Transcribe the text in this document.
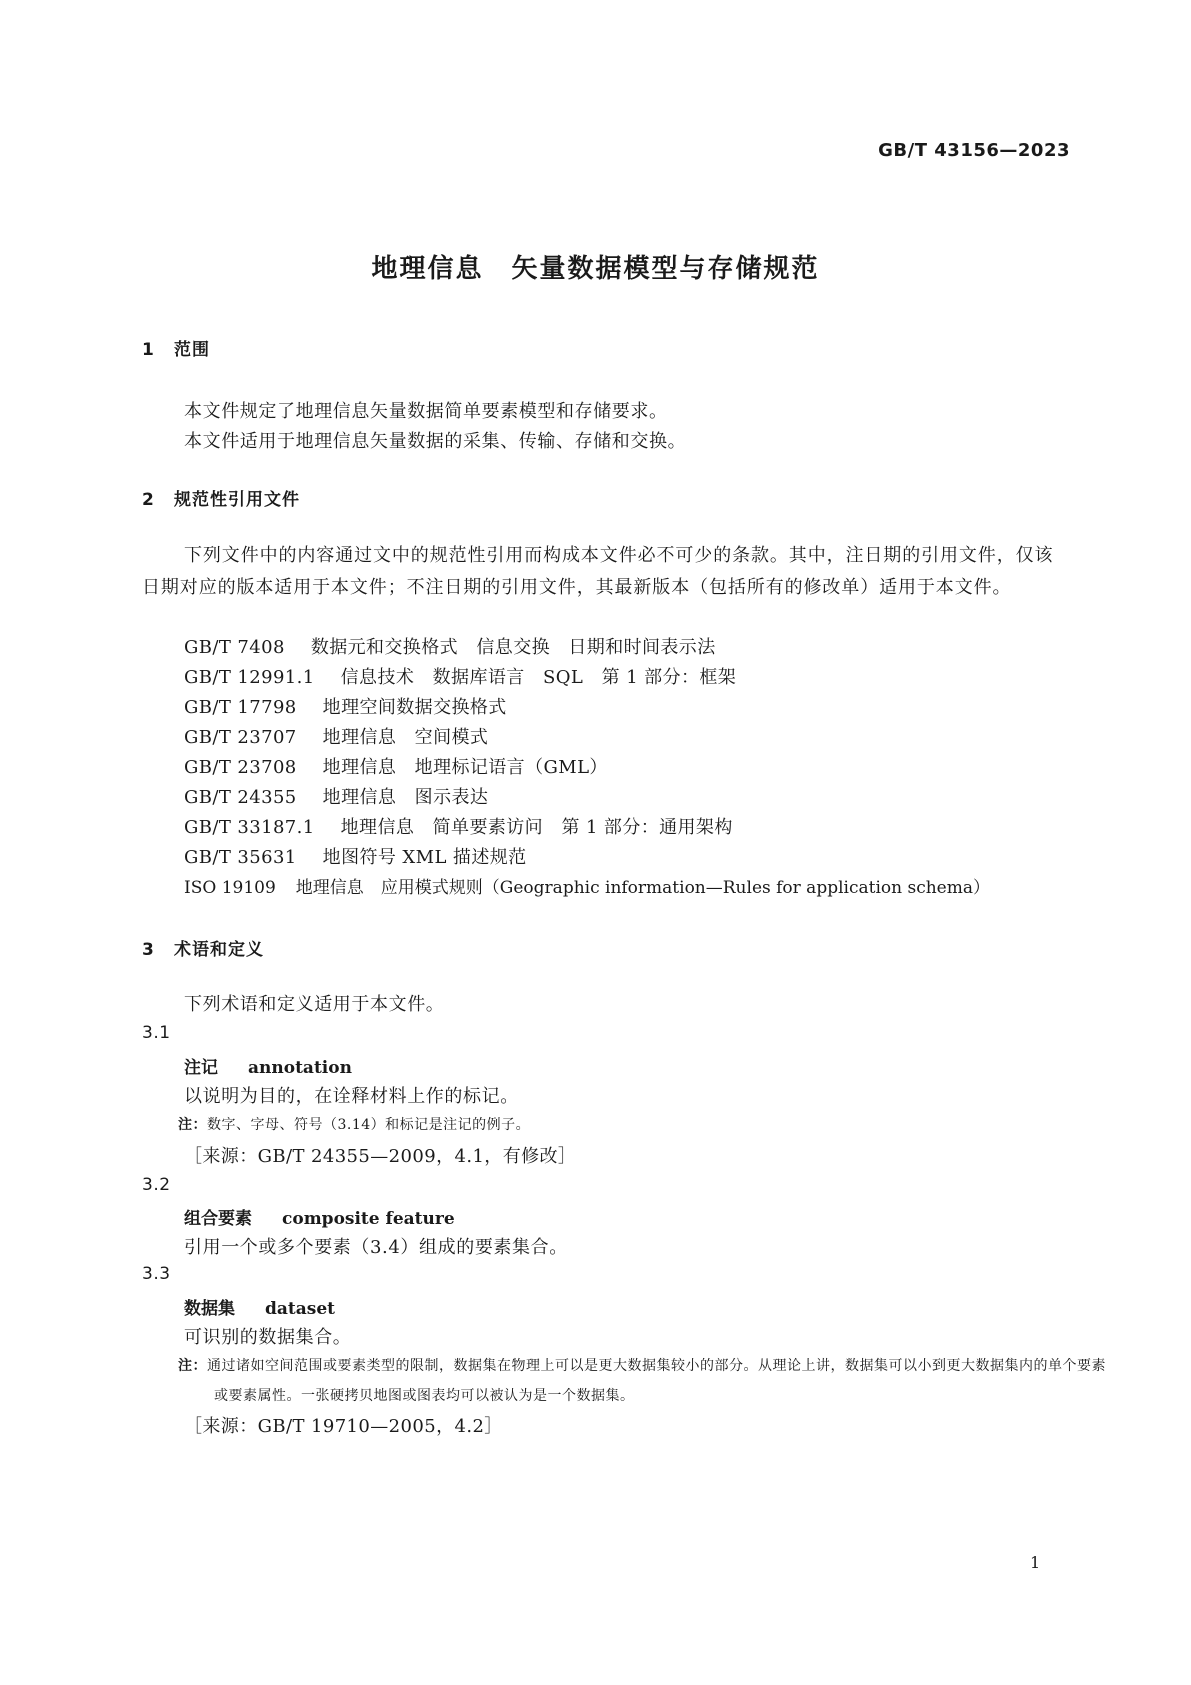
GB/T 43156—2023
地理信息　矢量数据模型与存储规范
1 范围
本文件规定了地理信息矢量数据简单要素模型和存储要求。
本文件适用于地理信息矢量数据的采集、传输、存储和交换。
2 规范性引用文件
下列文件中的内容通过文中的规范性引用而构成本文件必不可少的条款。其中，注日期的引用文件，仅该日期对应的版本适用于本文件；不注日期的引用文件，其最新版本（包括所有的修改单）适用于本文件。
GB/T 7408 数据元和交换格式　信息交换　日期和时间表示法
GB/T 12991.1 信息技术　数据库语言　SQL　第 1 部分：框架
GB/T 17798 地理空间数据交换格式
GB/T 23707 地理信息　空间模式
GB/T 23708 地理信息　地理标记语言（GML）
GB/T 24355 地理信息　图示表达
GB/T 33187.1 地理信息　简单要素访问　第 1 部分：通用架构
GB/T 35631 地图符号 XML 描述规范
ISO 19109 地理信息　应用模式规则（Geographic information—Rules for application schema）
3 术语和定义
下列术语和定义适用于本文件。
3.1
注记 annotation
以说明为目的，在诠释材料上作的标记。
注：数字、字母、符号（3.14）和标记是注记的例子。
［来源：GB/T 24355—2009，4.1，有修改］
3.2
组合要素 composite feature
引用一个或多个要素（3.4）组成的要素集合。
3.3
数据集 dataset
可识别的数据集合。
注：通过诸如空间范围或要素类型的限制，数据集在物理上可以是更大数据集较小的部分。从理论上讲，数据集可以小到更大数据集内的单个要素或要素属性。一张硬拷贝地图或图表均可以被认为是一个数据集。
［来源：GB/T 19710—2005，4.2］
1
